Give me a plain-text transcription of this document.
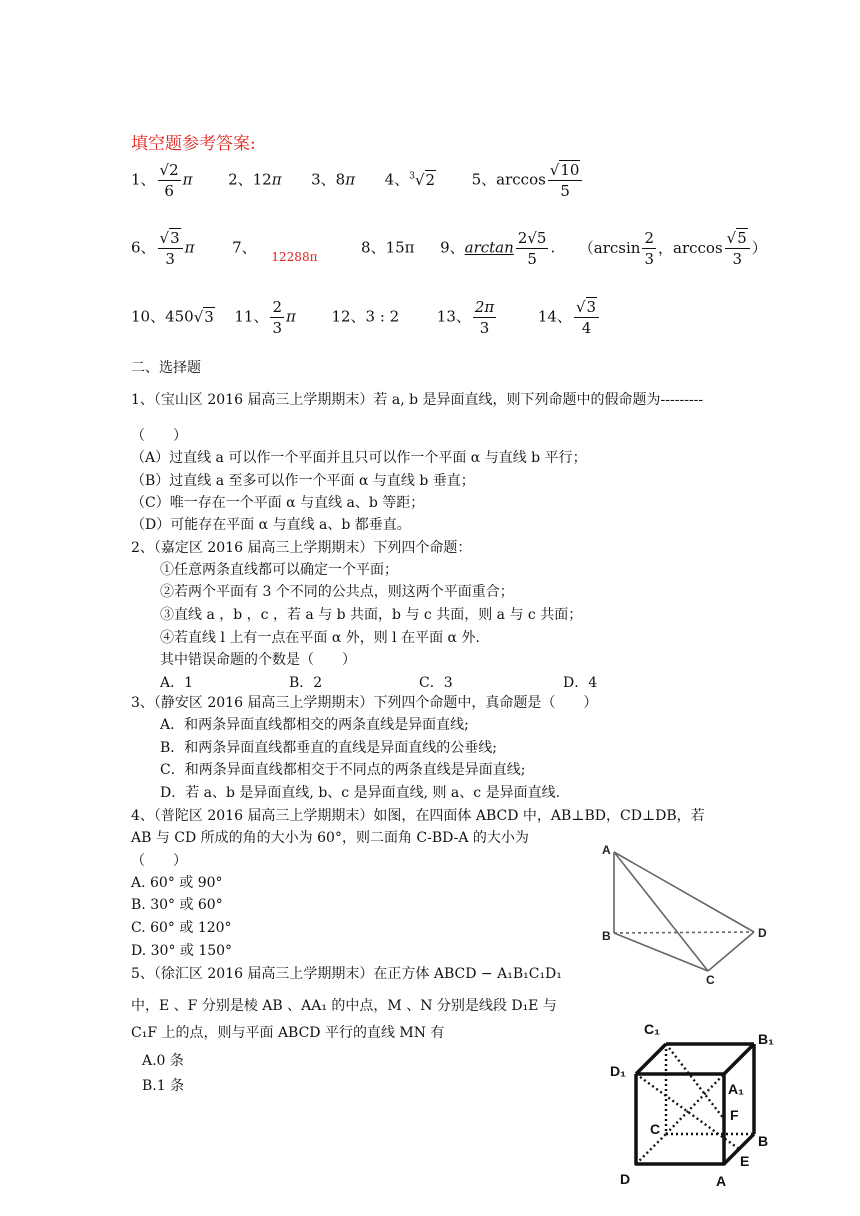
填空题参考答案:
1、 $\frac{√2}{6}$ π 2、12π 3、8π 4、$^3$√2 5、$\arccos \frac{√10}{5}$
6、 $\frac{√3}{3}$ π	7、 $_{12288\pi}$	8、15π 9、$\arctan \frac{2√5}{5}$ . （$\arcsin \frac{2}{3}$ ，$\arccos \frac{√5}{3}$ ）
10、450√3 11、 $\frac{2}{3}$ π 12、3 : 2	13、 $\frac{2\pi}{3}$	14、 $\frac{√3}{4}$
二、选择题
1、（宝山区 2016 届高三上学期期末）若 a, b 是异面直线，则下列命题中的假命题为---------
（　　）
（A）过直线 a 可以作一个平面并且只可以作一个平面 α 与直线 b 平行；
（B）过直线 a 至多可以作一个平面 α 与直线 b 垂直；
（C）唯一存在一个平面 α 与直线 a、b 等距；
（D）可能存在平面 α 与直线 a、b 都垂直。
2、（嘉定区 2016 届高三上学期期末）下列四个命题：
①任意两条直线都可以确定一个平面；
②若两个平面有 3 个不同的公共点，则这两个平面重合；
③直线 a ，b ，c ，若 a 与 b 共面，b 与 c 共面，则 a 与 c 共面；
④若直线 l 上有一点在平面 α 外，则 l 在平面 α 外.
其中错误命题的个数是（　　）
A．1	B．2	C．3	D．4
3、（静安区 2016 届高三上学期期末）下列四个命题中，真命题是（　　）
A．和两条异面直线都相交的两条直线是异面直线;
B．和两条异面直线都垂直的直线是异面直线的公垂线;
C．和两条异面直线都相交于不同点的两条直线是异面直线;
D．若 a、b 是异面直线, b、c 是异面直线, 则 a、c 是异面直线.
4、（普陀区 2016 届高三上学期期末）如图，在四面体 ABCD 中，AB⊥BD，CD⊥DB，若
AB 与 CD 所成的角的大小为 60°，则二面角 C-BD-A 的大小为
（　　）
A. 60° 或 90°
B. 30° 或 60°
C. 60° 或 120°
D. 30° 或 150°
A
B
C
D
5、（徐汇区 2016 届高三上学期期末）在正方体 ABCD − A₁B₁C₁D₁
中，E 、F 分别是棱 AB 、AA₁ 的中点，M 、N 分别是线段 D₁E 与
C₁F 上的点，则与平面 ABCD 平行的直线 MN 有
A.0 条
B.1 条
C₁
B₁
D₁
A₁
F
C
B
E
D	A
